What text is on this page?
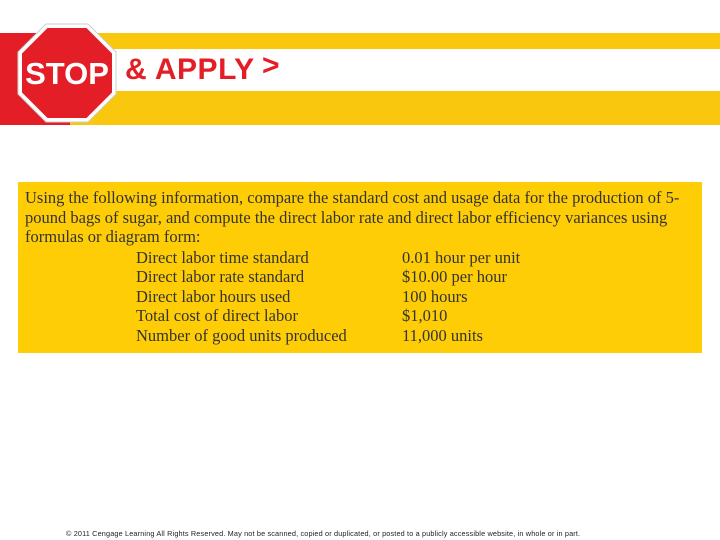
STOP & APPLY >

Using the following information, compare the standard cost and usage data for the production of 5-pound bags of sugar, and compute the direct labor rate and direct labor efficiency variances using formulas or diagram form:

Direct labor time standard	0.01 hour per unit
Direct labor rate standard	$10.00 per hour
Direct labor hours used	100 hours
Total cost of direct labor	$1,010
Number of good units produced	11,000 units
© 2011 Cengage Learning All Rights Reserved. May not be scanned, copied or duplicated, or posted to a publicly accessible website, in whole or in part.
